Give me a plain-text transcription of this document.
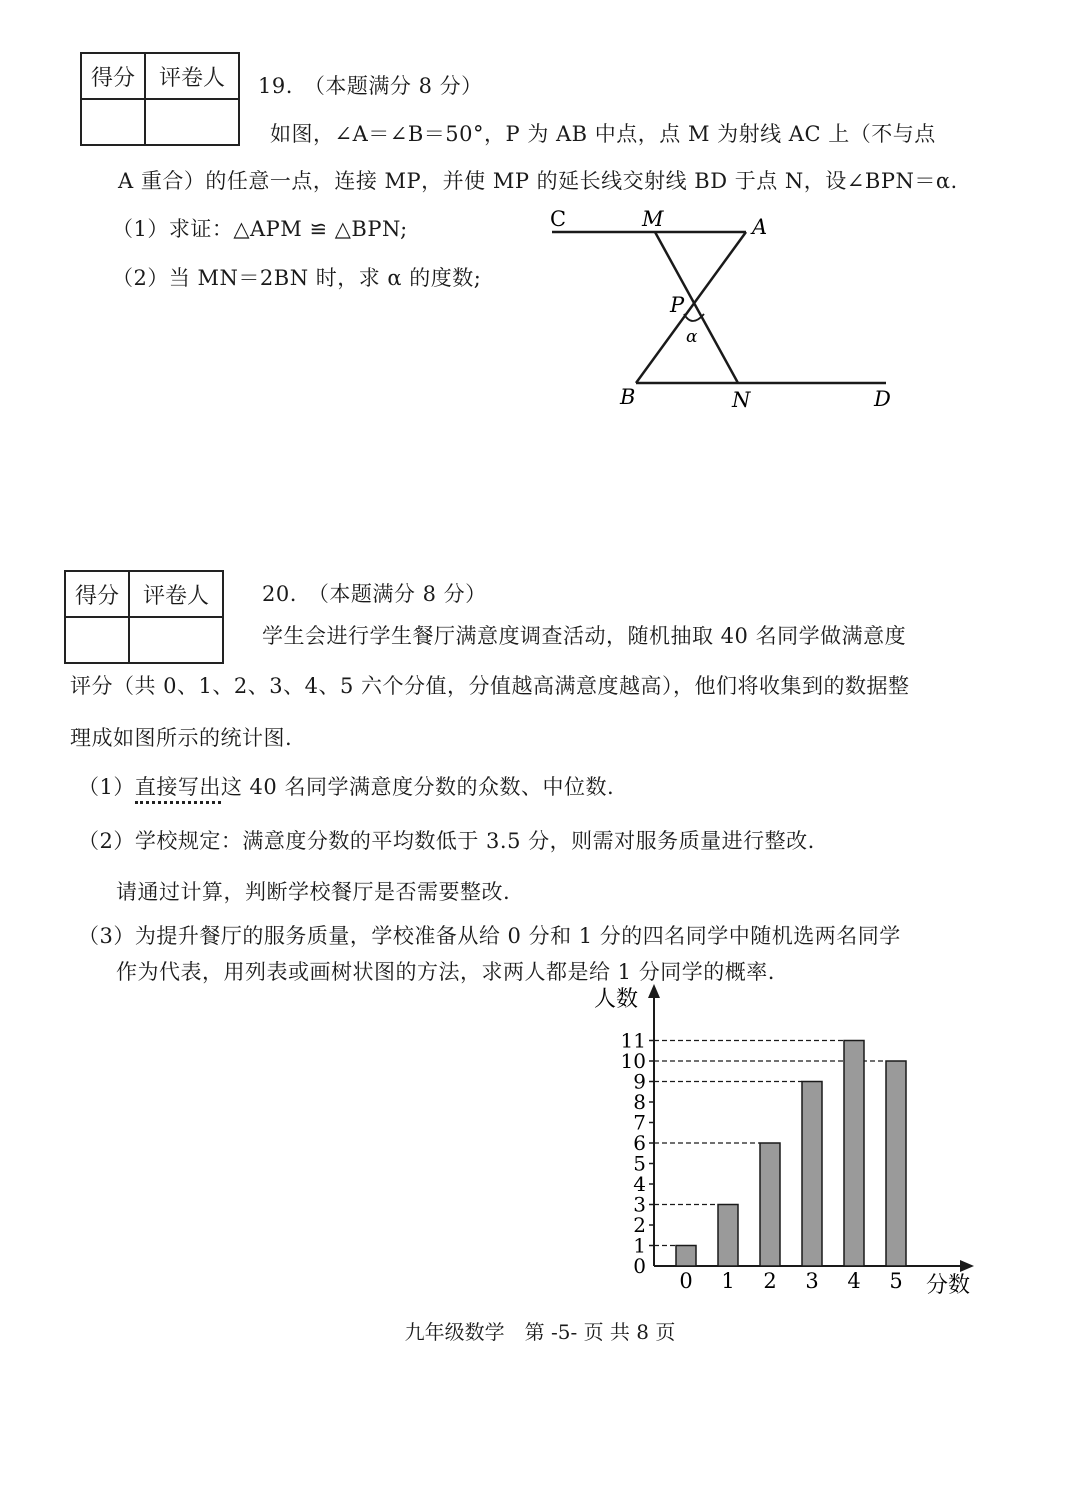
得分	评卷人
	19.　（本题满分 8 分）
如图，∠A＝∠B＝50°，P 为 AB 中点，点 M 为射线 AC 上（不与点
A 重合）的任意一点，连接 MP，并使 MP 的延长线交射线 BD 于点 N，设∠BPN＝α.
（1）求证：△APM ≌ △BPN;
（2）当 MN＝2BN 时，求 α 的度数;
C	M	A
P
α
B	N	D
得分	评卷人
		20.　（本题满分 8 分）
学生会进行学生餐厅满意度调查活动，随机抽取 40 名同学做满意度
评分（共 0、1、2、3、4、5 六个分值，分值越高满意度越高），他们将收集到的数据整
理成如图所示的统计图.
（1）直接写出这 40 名同学满意度分数的众数、中位数.
（2）学校规定：满意度分数的平均数低于 3.5 分，则需对服务质量进行整改.
请通过计算，判断学校餐厅是否需要整改.
（3）为提升餐厅的服务质量，学校准备从给 0 分和 1 分的四名同学中随机选两名同学
作为代表，用列表或画树状图的方法，求两人都是给 1 分同学的概率.
人数
分数
0
1
2
3
4
5
6
7
8
9
10
11
0 1 2 3 4 5
九年级数学　第 -5- 页 共 8 页
